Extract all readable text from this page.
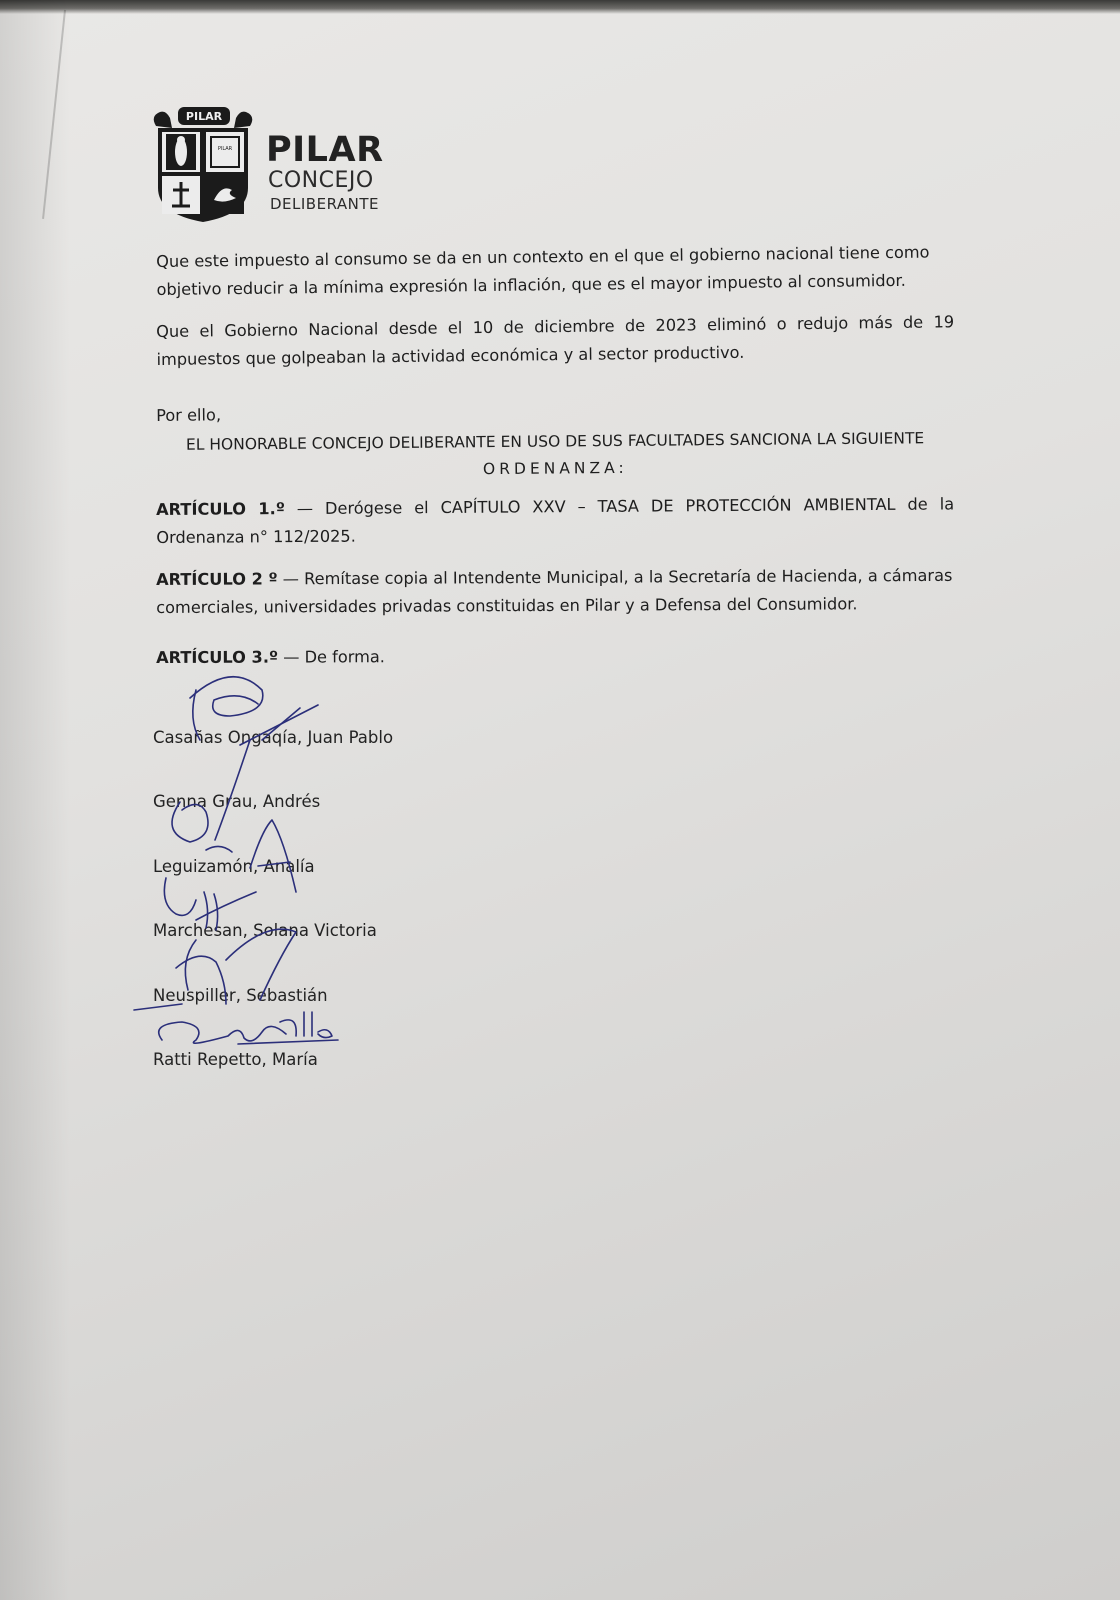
PILAR
PILAR PILAR
CONCEJO
DELIBERANTE
Que este impuesto al consumo se da en un contexto en el que el gobierno nacional tiene como objetivo reducir a la mínima expresión la inflación, que es el mayor impuesto al consumidor.
Que el Gobierno Nacional desde el 10 de diciembre de 2023 eliminó o redujo más de 19 impuestos que golpeaban la actividad económica y al sector productivo.
Por ello,
EL HONORABLE CONCEJO DELIBERANTE EN USO DE SUS FACULTADES SANCIONA LA SIGUIENTE
ORDENANZA:
ARTÍCULO 1.º — Derógese el CAPÍTULO XXV – TASA DE PROTECCIÓN AMBIENTAL de la Ordenanza n° 112/2025.
ARTÍCULO 2 º — Remítase copia al Intendente Municipal, a la Secretaría de Hacienda, a cámaras comerciales, universidades privadas constituidas en Pilar y a Defensa del Consumidor.
ARTÍCULO 3.º — De forma.
Casañas Ongaqía, Juan Pablo
Genna Grau, Andrés
Leguizamón, Analía
Marchesan, Solana Victoria
Neuspiller, Sebastián
Ratti Repetto, María
